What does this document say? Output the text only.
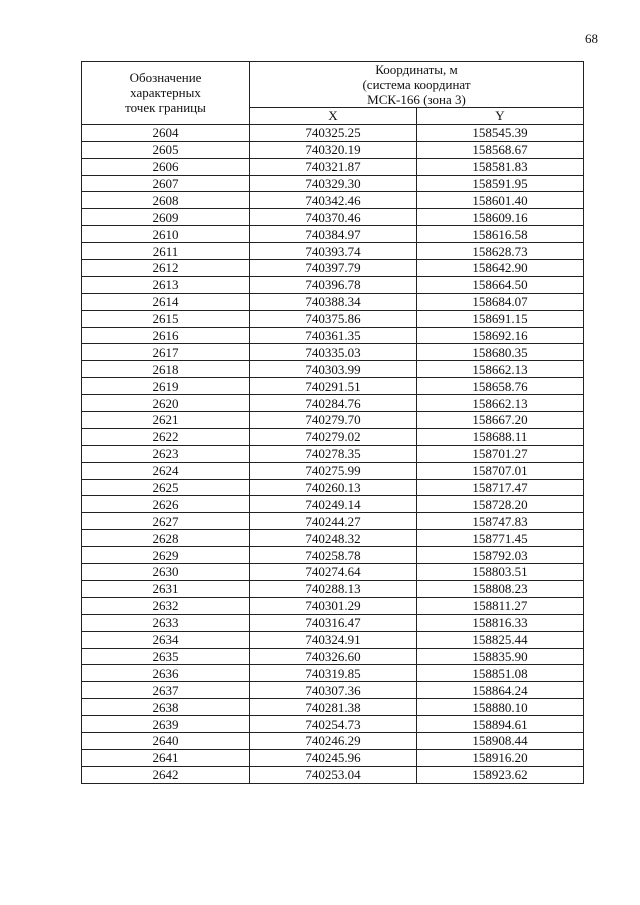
68
Обозначение
характерных
точек границы	Координаты, м
(система координат
МСК-166 (зона 3)	

	X	Y
2604	740325.25	158545.39
2605	740320.19	158568.67
2606	740321.87	158581.83
2607	740329.30	158591.95
2608	740342.46	158601.40
2609	740370.46	158609.16
2610	740384.97	158616.58
2611	740393.74	158628.73
2612	740397.79	158642.90
2613	740396.78	158664.50
2614	740388.34	158684.07
2615	740375.86	158691.15
2616	740361.35	158692.16
2617	740335.03	158680.35
2618	740303.99	158662.13
2619	740291.51	158658.76
2620	740284.76	158662.13
2621	740279.70	158667.20
2622	740279.02	158688.11
2623	740278.35	158701.27
2624	740275.99	158707.01
2625	740260.13	158717.47
2626	740249.14	158728.20
2627	740244.27	158747.83
2628	740248.32	158771.45
2629	740258.78	158792.03
2630	740274.64	158803.51
2631	740288.13	158808.23
2632	740301.29	158811.27
2633	740316.47	158816.33
2634	740324.91	158825.44
2635	740326.60	158835.90
2636	740319.85	158851.08
2637	740307.36	158864.24
2638	740281.38	158880.10
2639	740254.73	158894.61
2640	740246.29	158908.44
2641	740245.96	158916.20
2642	740253.04	158923.62
